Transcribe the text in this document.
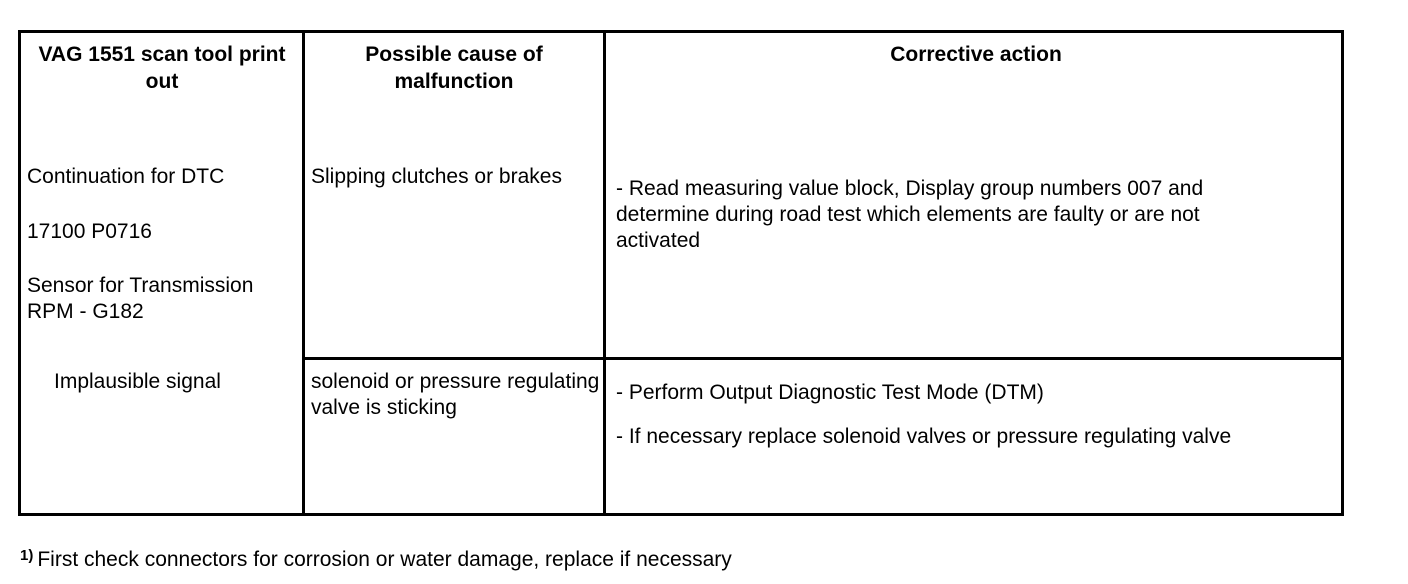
VAG 1551 scan tool print out
Possible cause of malfunction
Corrective action
Continuation for DTC
17100 P0716
Sensor for Transmission RPM - G182
Implausible signal
Slipping clutches or brakes
- Read measuring value block, Display group numbers 007 and determine during road test which elements are faulty or are not activated
solenoid or pressure regulating valve is sticking
- Perform Output Diagnostic Test Mode (DTM)
- If necessary replace solenoid valves or pressure regulating valve
$^{1)}$ First check connectors for corrosion or water damage, replace if necessary
